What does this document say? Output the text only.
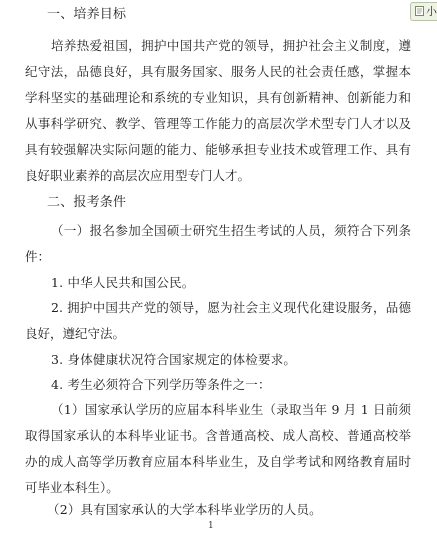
小
一、培养目标
培养热爱祖国，拥护中国共产党的领导，拥护社会主义制度，遵纪守法，品德良好，具有服务国家、服务人民的社会责任感，掌握本学科坚实的基础理论和系统的专业知识，具有创新精神、创新能力和从事科学研究、教学、管理等工作能力的高层次学术型专门人才以及具有较强解决实际问题的能力、能够承担专业技术或管理工作、具有良好职业素养的高层次应用型专门人才。
二、报考条件
（一）报名参加全国硕士研究生招生考试的人员，须符合下列条件：
1. 中华人民共和国公民。
2. 拥护中国共产党的领导，愿为社会主义现代化建设服务，品德良好，遵纪守法。
3. 身体健康状况符合国家规定的体检要求。
4. 考生必须符合下列学历等条件之一：
（1）国家承认学历的应届本科毕业生（录取当年 9 月 1 日前须取得国家承认的本科毕业证书。含普通高校、成人高校、普通高校举办的成人高等学历教育应届本科毕业生，及自学考试和网络教育届时可毕业本科生）。
（2）具有国家承认的大学本科毕业学历的人员。
1
